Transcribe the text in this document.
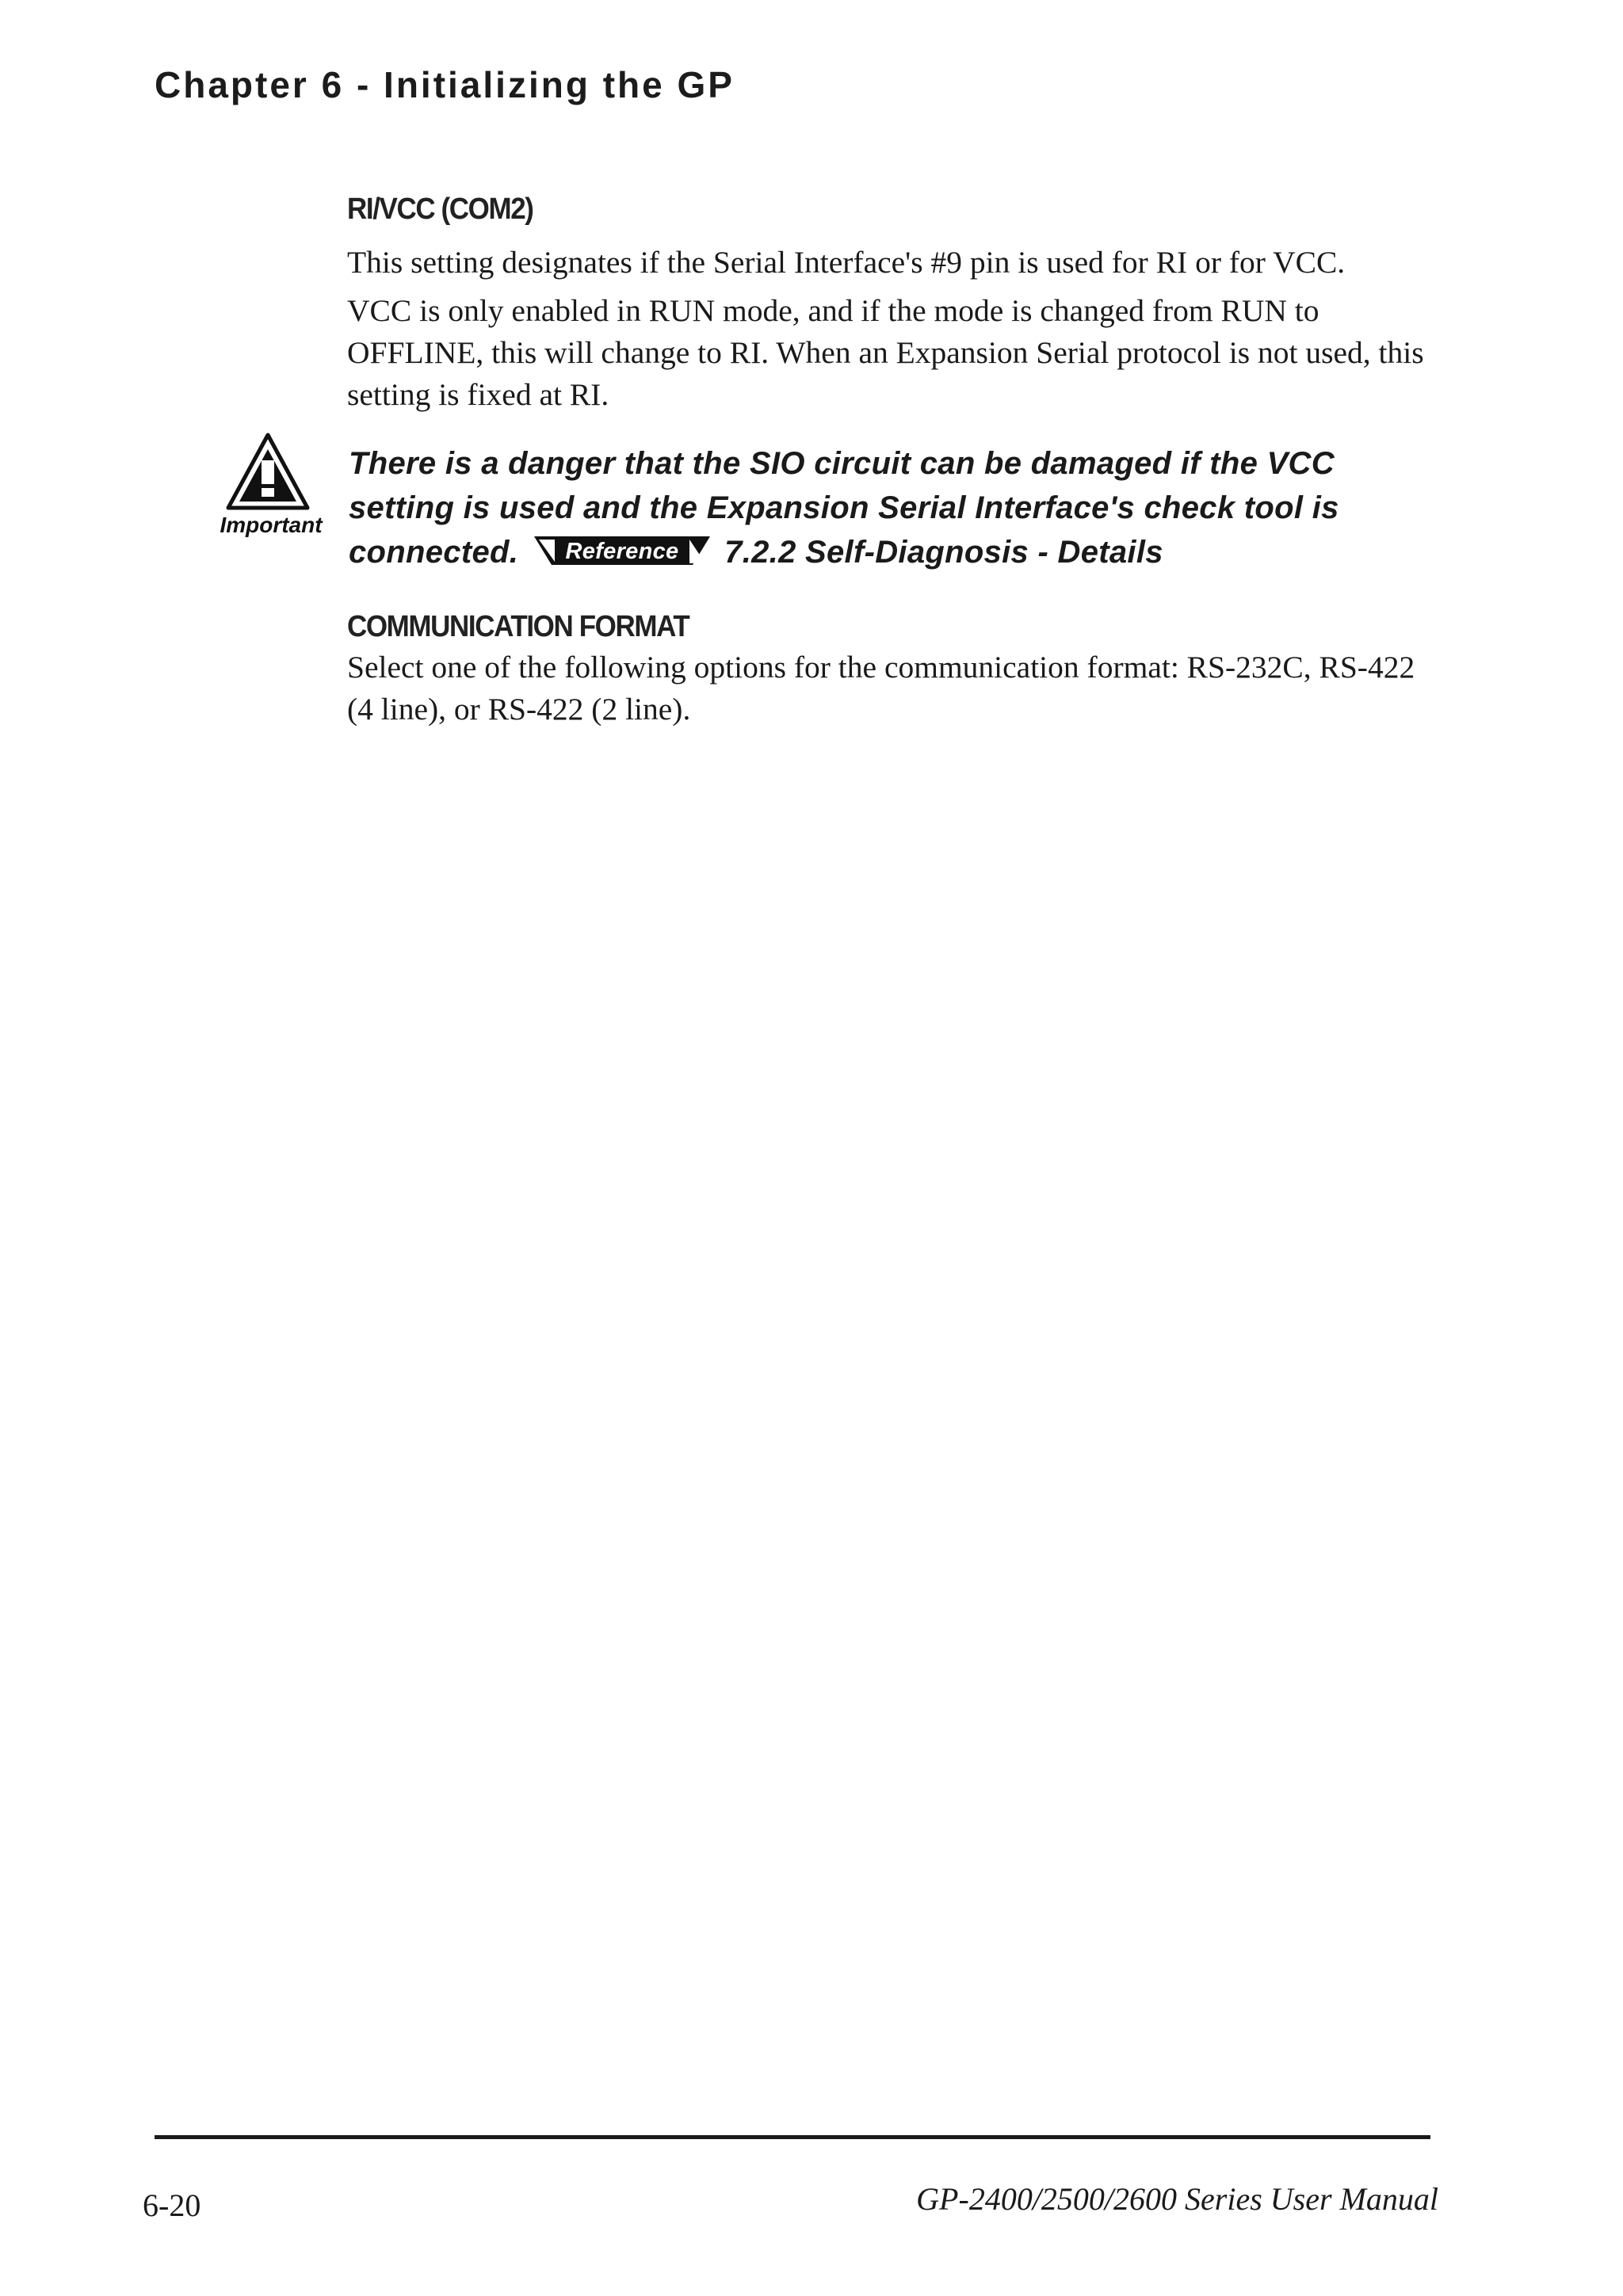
Chapter 6 - Initializing the GP
RI/VCC (COM2)

This setting designates if the Serial Interface's #9 pin is used for RI or for VCC.

VCC is only enabled in RUN mode, and if the mode is changed from RUN to OFFLINE, this will change to RI. When an Expansion Serial protocol is not used, this setting is fixed at RI.

Important

There is a danger that the SIO circuit can be damaged if the VCC setting is used and the Expansion Serial Interface's check tool is connected. Reference 7.2.2 Self-Diagnosis - Details

COMMUNICATION FORMAT

Select one of the following options for the communication format: RS-232C, RS-422 (4 line), or RS-422 (2 line).

6-20	GP-2400/2500/2600 Series User Manual
